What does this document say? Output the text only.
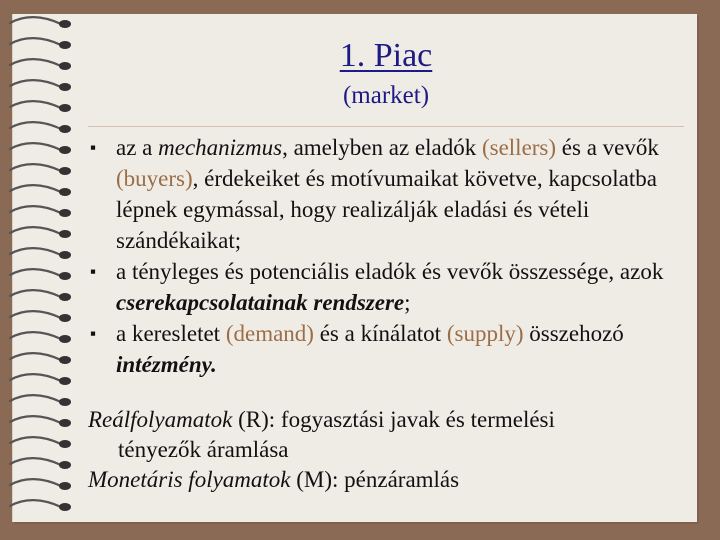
1. Piac
(market)

▪ az a mechanizmus, amelyben az eladók (sellers) és a vevők (buyers), érdekeiket és motívumaikat követve, kapcsolatba lépnek egymással, hogy realizálják eladási és vételi szándékaikat;

▪ a tényleges és potenciális eladók és vevők összessége, azok cserekapcsolatainak rendszere;

▪ a keresletet (demand) és a kínálatot (supply) összehozó intézmény.

Reálfolyamatok (R): fogyasztási javak és termelési
tényezők áramlása
Monetáris folyamatok (M): pénzáramlás
